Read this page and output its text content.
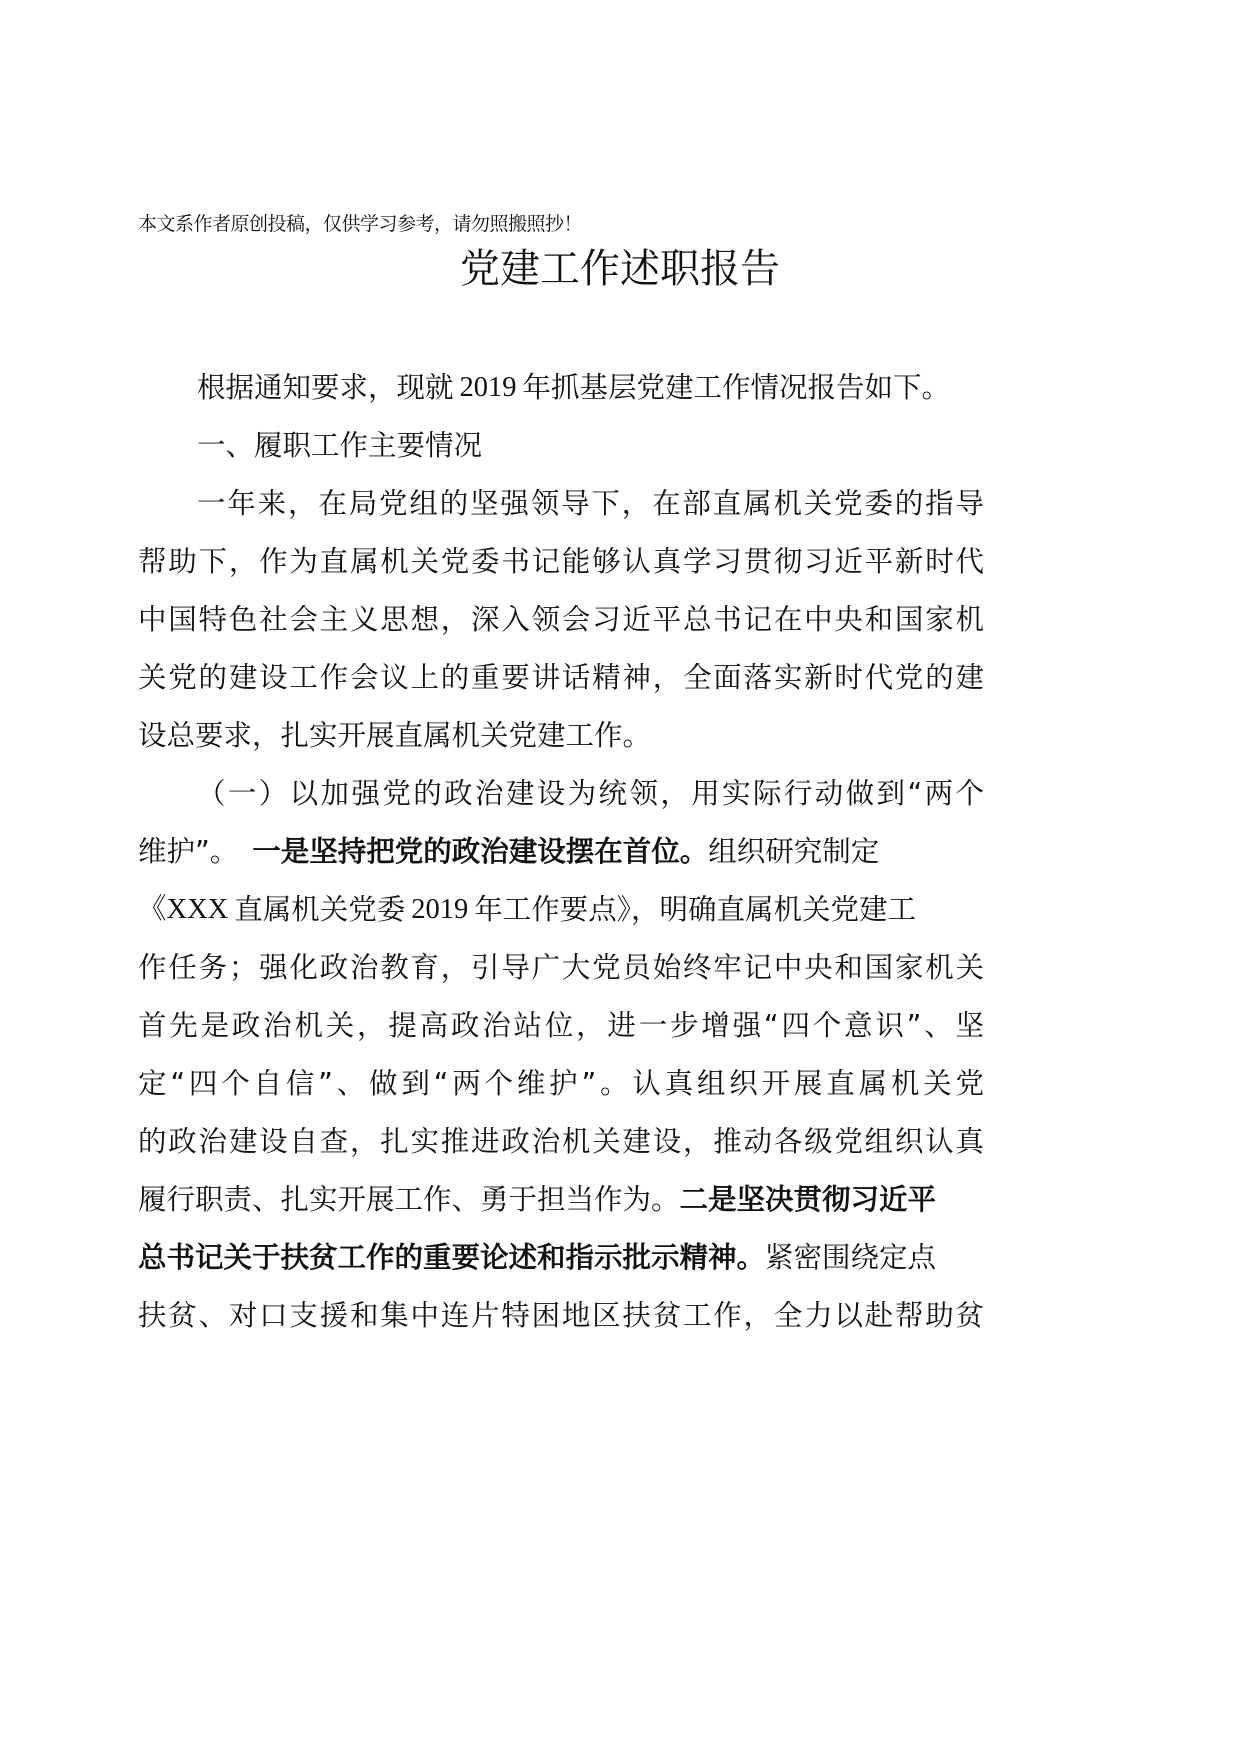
本文系作者原创投稿，仅供学习参考，请勿照搬照抄！
党建工作述职报告
根据通知要求，现就 2019 年抓基层党建工作情况报告如下。
一、履职工作主要情况
一年来，在局党组的坚强领导下，在部直属机关党委的指导
帮助下，作为直属机关党委书记能够认真学习贯彻习近平新时代
中国特色社会主义思想，深入领会习近平总书记在中央和国家机
关党的建设工作会议上的重要讲话精神，全面落实新时代党的建
设总要求，扎实开展直属机关党建工作。
（一）以加强党的政治建设为统领，用实际行动做到“两个
维护”。 一是坚持把党的政治建设摆在首位。 组织研究制定
《XXX 直属机关党委 2019 年工作要点》，明确直属机关党建工
作任务；强化政治教育，引导广大党员始终牢记中央和国家机关
首先是政治机关，提高政治站位，进一步增强“四个意识”、坚
定“四个自信”、做到“两个维护”。认真组织开展直属机关党
的政治建设自查，扎实推进政治机关建设，推动各级党组织认真
履行职责、扎实开展工作、勇于担当作为。 二是坚决贯彻习近平
总书记关于扶贫工作的重要论述和指示批示精神。 紧密围绕定点
扶贫、对口支援和集中连片特困地区扶贫工作，全力以赴帮助贫
